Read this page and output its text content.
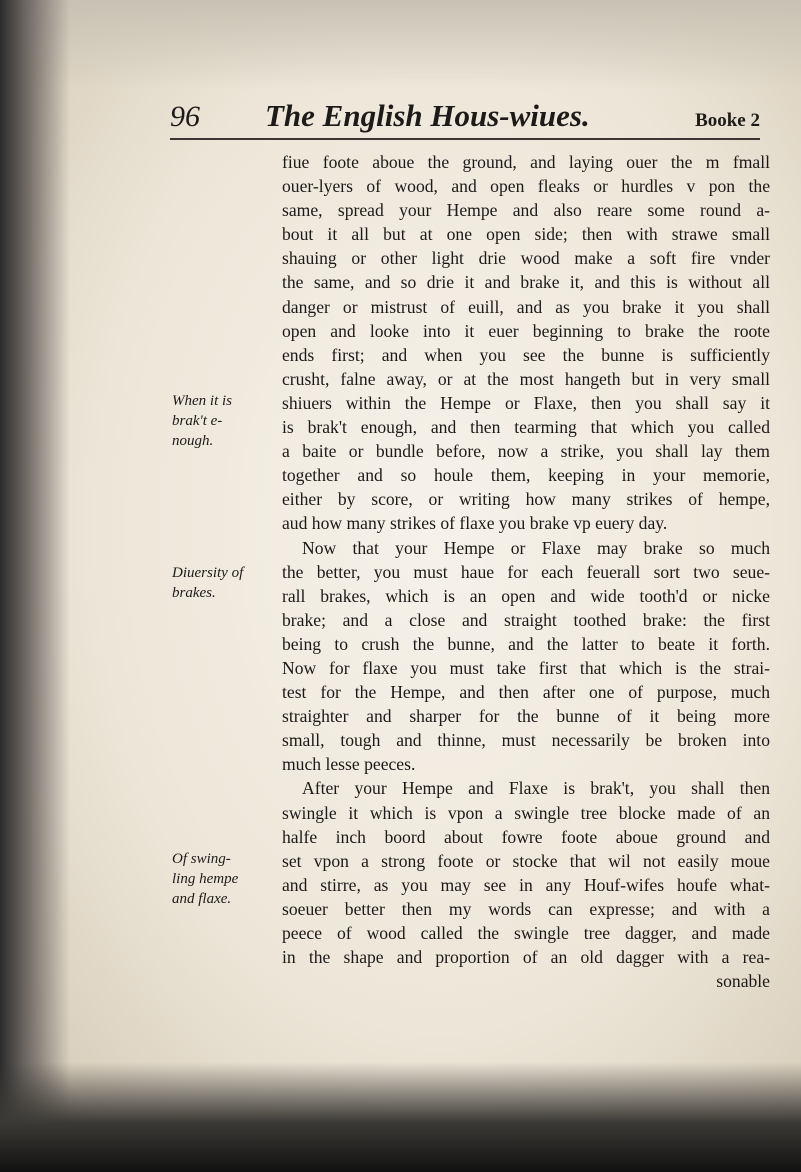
96 The English Hous-wiues.	Booke 2
When it is
brak't e-
nough.
Diuersity of
brakes.
Of swing-
ling hempe
and flaxe.
fiue foote aboue the ground, and laying ouer the m fmall
ouer-lyers of wood, and open fleaks or hurdles v pon the
same, spread your Hempe and also reare some round a-
bout it all but at one open side; then with strawe small
shauing or other light drie wood make a soft fire vnder
the same, and so drie it and brake it, and this is without all
danger or mistrust of euill, and as you brake it you shall
open and looke into it euer beginning to brake the roote
ends first; and when you see the bunne is sufficiently
crusht, falne away, or at the most hangeth but in very small
shiuers within the Hempe or Flaxe, then you shall say it
is brak't enough, and then tearming that which you called
a baite or bundle before, now a strike, you shall lay them
together and so houle them, keeping in your memorie,
either by score, or writing how many strikes of hempe,
aud how many strikes of flaxe you brake vp euery day.
Now that your Hempe or Flaxe may brake so much
the better, you must haue for each feuerall sort two seue-
rall brakes, which is an open and wide tooth'd or nicke
brake; and a close and straight toothed brake: the first
being to crush the bunne, and the latter to beate it forth.
Now for flaxe you must take first that which is the strai-
test for the Hempe, and then after one of purpose, much
straighter and sharper for the bunne of it being more
small, tough and thinne, must necessarily be broken into
much lesse peeces.
After your Hempe and Flaxe is brak't, you shall then
swingle it which is vpon a swingle tree blocke made of an
halfe inch boord about fowre foote aboue ground and
set vpon a strong foote or stocke that wil not easily moue
and stirre, as you may see in any Houf-wifes houfe what-
soeuer better then my words can expresse; and with a
peece of wood called the swingle tree dagger, and made
in the shape and proportion of an old dagger with a rea-
sonable
